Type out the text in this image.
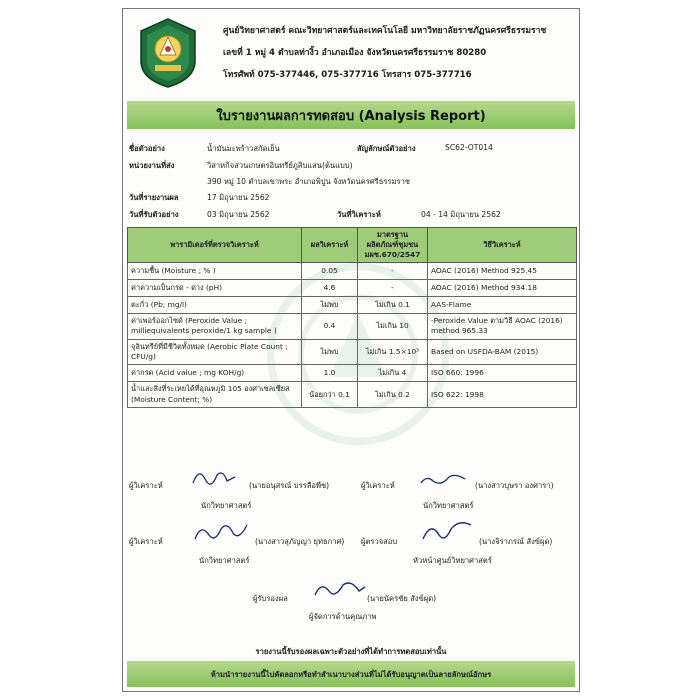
ศูนย์วิทยาศาสตร์ คณะวิทยาศาสตร์และเทคโนโลยี มหาวิทยาลัยราชภัฏนครศรีธรรมราช
เลขที่ 1 หมู่ 4 ตำบลท่างิ้ว อำเภอเมือง จังหวัดนครศรีธรรมราช 80280
โทรศัพท์ 075-377446, 075-377716 โทรสาร 075-377716
ใบรายงานผลการทดสอบ (Analysis Report)
ชื่อตัวอย่าง	น้ำมันมะพร้าวสกัดเย็น	สัญลักษณ์ตัวอย่าง	SC62-OT014
หน่วยงานที่ส่ง	วิสาหกิจสวนเกษตรอินทรีย์ภูสิบแสน(ต้นแบบ)
390 หมู่ 10 ตำบลเขาพระ อำเภอพิปูน จังหวัดนครศรีธรรมราช
วันที่รายงานผล	17 มิถุนายน 2562
วันที่รับตัวอย่าง	03 มิถุนายน 2562	วันที่วิเคราะห์	04 - 14 มิถุนายน 2562
พารามิเตอร์ที่ตรวจวิเคราะห์	ผลวิเคราะห์	มาตรฐาน
ผลิตภัณฑ์ชุมชน
มผช.670/2547	วิธีวิเคราะห์
ความชื้น (Moisture ; % )	0.05	-	AOAC (2016) Method 925.45
ค่าความเป็นกรด - ด่าง (pH)	4.6	-	AOAC (2016) Method 934.18
ตะกั่ว (Pb; mg/l)	ไม่พบ	ไม่เกิน 0.1	AAS-Flame
ค่าเพอร์ออกไซด์ (Peroxide Value ; milliequivalents peroxide/1 kg sample )	0.4	ไม่เกิน 10	-Peroxide Value ตามวิธี AOAC (2016) method 965.33
จุลินทรีย์ที่มีชีวิตทั้งหมด (Aerobic Plate Count ; CFU/g)	ไม่พบ	ไม่เกิน 1.5×10³	Based on USFDA-BAM (2015)
ค่ากรด (Acid value ; mg KOH/g)	1.0	ไม่เกิน 4	ISO 660: 1996
น้ำและสิ่งที่ระเหยได้ที่อุณหภูมิ 105 องศาเซลเซียส (Moisture Content; %)	น้อยกว่า 0.1	ไม่เกิน 0.2	ISO 622: 1998
ผู้วิเคราะห์	(นายอนุสรณ์ บรรลือพืช)
นักวิทยาศาสตร์
ผู้วิเคราะห์	(นางสาวบุษรา องศารา)
นักวิทยาศาสตร์
ผู้วิเคราะห์	(นางสาวสุภัญญา ยุทธกาศ)
นักวิทยาศาสตร์
ผู้ตรวจสอบ	(นางจิราภรณ์ สังข์ผุด)
หัวหน้าศูนย์วิทยาศาสตร์
ผู้รับรองผล	(นายนัครชัย สังข์ผุด)
ผู้จัดการด้านคุณภาพ
รายงานนี้รับรองผลเฉพาะตัวอย่างที่ได้ทำการทดสอบเท่านั้น
ห้ามนำรายงานนี้ไปคัดลอกหรือทำสำเนาบางส่วนที่ไม่ได้รับอนุญาตเป็นลายลักษณ์อักษร
